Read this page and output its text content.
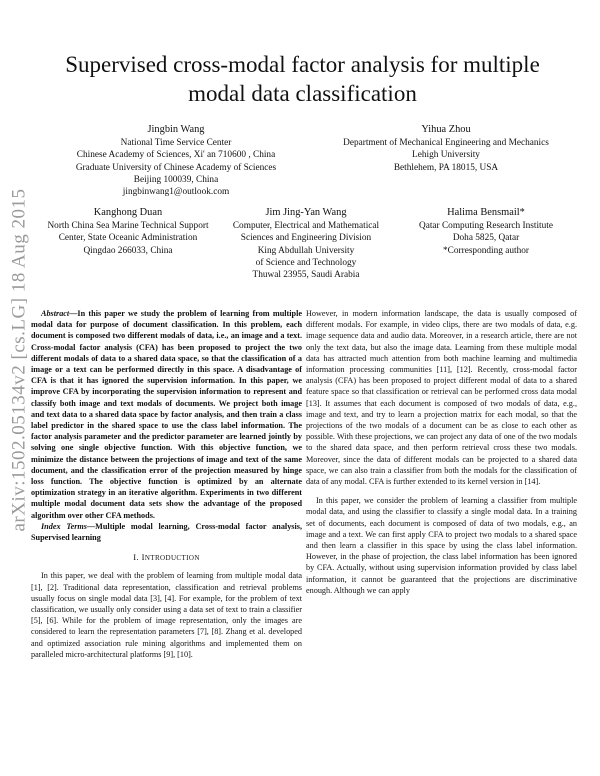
arXiv:1502.05134v2 [cs.LG] 18 Aug 2015
Supervised cross-modal factor analysis for multiple modal data classification
Jingbin Wang
National Time Service Center
Chinese Academy of Sciences, Xi' an 710600 , China
Graduate University of Chinese Academy of Sciences
Beijing 100039, China
jingbinwang1@outlook.com
Yihua Zhou
Department of Mechanical Engineering and Mechanics
Lehigh University
Bethlehem, PA 18015, USA
Kanghong Duan
North China Sea Marine Technical Support
Center, State Oceanic Administration
Qingdao 266033, China
Jim Jing-Yan Wang
Computer, Electrical and Mathematical
Sciences and Engineering Division
King Abdullah University
of Science and Technology
Thuwal 23955, Saudi Arabia
Halima Bensmail*
Qatar Computing Research Institute
Doha 5825, Qatar
*Corresponding author

Abstract—In this paper we study the problem of learning from multiple modal data for purpose of document classification. In this problem, each document is composed two different modals of data, i.e., an image and a text. Cross-modal factor analysis (CFA) has been proposed to project the two different modals of data to a shared data space, so that the classification of a image or a text can be performed directly in this space. A disadvantage of CFA is that it has ignored the supervision information. In this paper, we improve CFA by incorporating the supervision information to represent and classify both image and text modals of documents. We project both image and text data to a shared data space by factor analysis, and then train a class label predictor in the shared space to use the class label information. The factor analysis parameter and the predictor parameter are learned jointly by solving one single objective function. With this objective function, we minimize the distance between the projections of image and text of the same document, and the classification error of the projection measured by hinge loss function. The objective function is optimized by an alternate optimization strategy in an iterative algorithm. Experiments in two different multiple modal document data sets show the advantage of the proposed algorithm over other CFA methods.

Index Terms—Multiple modal learning, Cross-modal factor analysis, Supervised learning

I. INTRODUCTION

In this paper, we deal with the problem of learning from multiple modal data [1], [2]. Traditional data representation, classification and retrieval problems usually focus on single modal data [3], [4]. For example, for the problem of text classification, we usually only consider using a data set of text to train a classifier [5], [6]. While for the problem of image representation, only the images are considered to learn the representation parameters [7], [8]. Zhang et al. developed and optimized association rule mining algorithms and implemented them on paralleled micro-architectural platforms [9], [10].

However, in modern information landscape, the data is usually composed of different modals. For example, in video clips, there are two modals of data, e.g. image sequence data and audio data. Moreover, in a research article, there are not only the text data, but also the image data. Learning from these multiple modal data has attracted much attention from both machine learning and multimedia information processing communities [11], [12]. Recently, cross-modal factor analysis (CFA) has been proposed to project different modal of data to a shared feature space so that classification or retrieval can be performed cross data modal [13]. It assumes that each document is composed of two modals of data, e.g., image and text, and try to learn a projection matrix for each modal, so that the projections of the two modals of a document can be as close to each other as possible. With these projections, we can project any data of one of the two modals to the shared data space, and then perform retrieval cross these two modals. Moreover, since the data of different modals can be projected to a shared data space, we can also train a classifier from both the modals for the classification of data of any modal. CFA is further extended to its kernel version in [14].

In this paper, we consider the problem of learning a classifier from multiple modal data, and using the classifier to classify a single modal data. In a training set of documents, each document is composed of data of two modals, e.g., an image and a text. We can first apply CFA to project two modals to a shared space and then learn a classifier in this space by using the class label information. However, in the phase of projection, the class label information has been ignored by CFA. Actually, without using supervision information provided by class label information, it cannot be guaranteed that the projections are discriminative enough. Although we can apply
